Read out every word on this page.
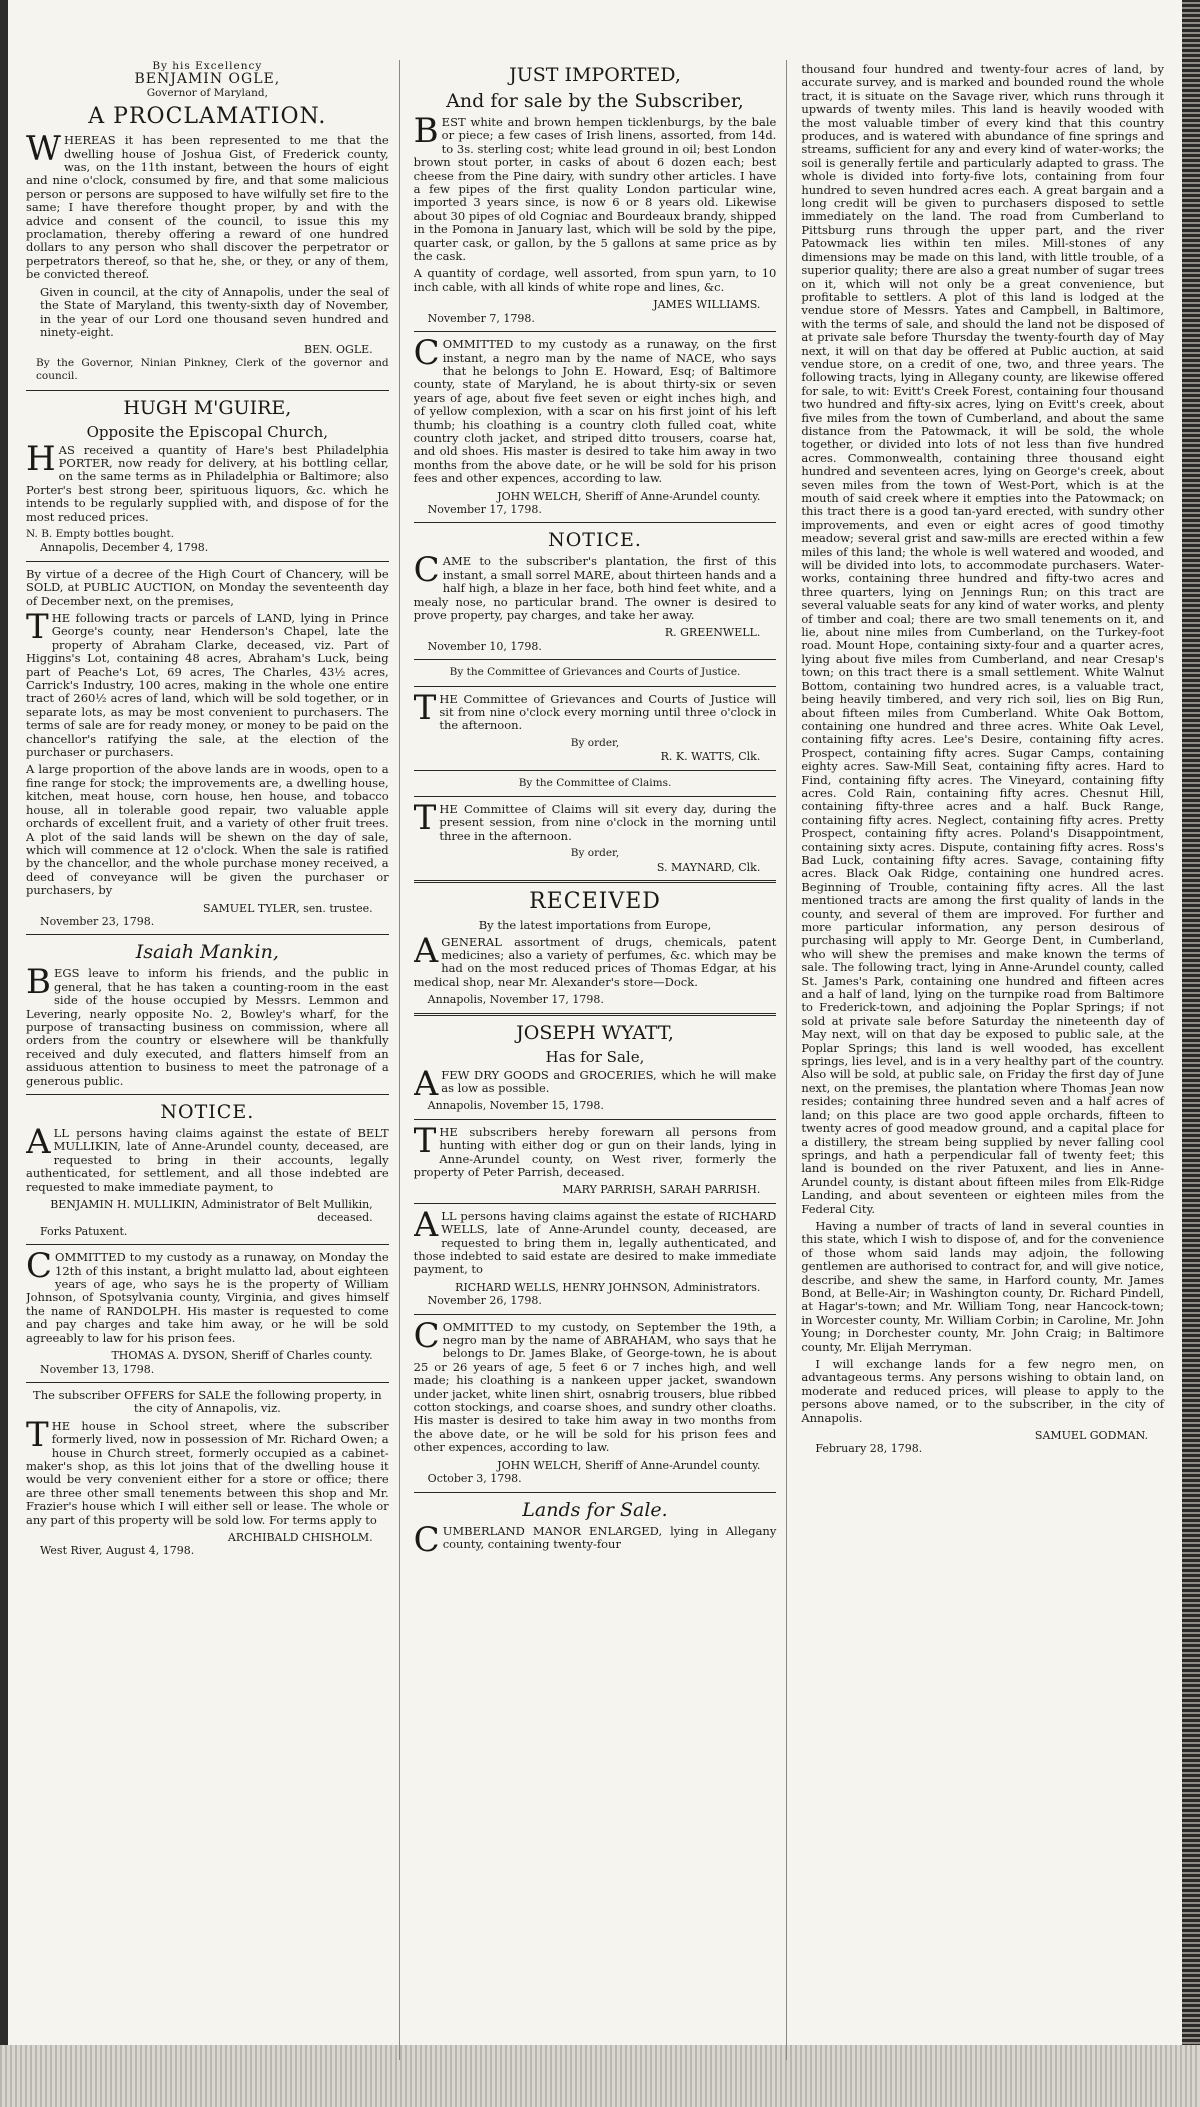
By his Excellency
BENJAMIN OGLE,
Governor of Maryland,
A PROCLAMATION.
WHEREAS it has been represented to me that the dwelling house of Joshua Gist, of Frederick county, was, on the 11th instant, between the hours of eight and nine o'clock, consumed by fire, and that some malicious person or persons are supposed to have wilfully set fire to the same; I have therefore thought proper, by and with the advice and consent of the council, to issue this my proclamation, thereby offering a reward of one hundred dollars to any person who shall discover the perpetrator or perpetrators thereof, so that he, she, or they, or any of them, be convicted thereof.
Given in council, at the city of Annapolis, under the seal of the State of Maryland, this twenty-sixth day of November, in the year of our Lord one thousand seven hundred and ninety-eight.
BEN. OGLE.
By the Governor, Ninian Pinkney, Clerk of the governor and council.
HUGH M'GUIRE,
Opposite the Episcopal Church,
HAS received a quantity of Hare's best Philadelphia PORTER, now ready for delivery, at his bottling cellar, on the same terms as in Philadelphia or Baltimore; also Porter's best strong beer, spirituous liquors, &c. which he intends to be regularly supplied with, and dispose of for the most reduced prices.
N. B. Empty bottles bought.
Annapolis, December 4, 1798.
By virtue of a decree of the High Court of Chancery, will be SOLD, at PUBLIC AUCTION, on Monday the seventeenth day of December next, on the premises,
THE following tracts or parcels of LAND, lying in Prince George's county, near Henderson's Chapel, late the property of Abraham Clarke, deceased, viz. Part of Higgins's Lot, containing 48 acres, Abraham's Luck, being part of Peache's Lot, 69 acres, The Charles, 43½ acres, Carrick's Industry, 100 acres, making in the whole one entire tract of 260½ acres of land, which will be sold together, or in separate lots, as may be most convenient to purchasers. The terms of sale are for ready money, or money to be paid on the chancellor's ratifying the sale, at the election of the purchaser or purchasers.
A large proportion of the above lands are in woods, open to a fine range for stock; the improvements are, a dwelling house, kitchen, meat house, corn house, hen house, and tobacco house, all in tolerable good repair, two valuable apple orchards of excellent fruit, and a variety of other fruit trees. A plot of the said lands will be shewn on the day of sale, which will commence at 12 o'clock. When the sale is ratified by the chancellor, and the whole purchase money received, a deed of conveyance will be given the purchaser or purchasers, by
SAMUEL TYLER, sen. trustee.
November 23, 1798.
Isaiah Mankin,
BEGS leave to inform his friends, and the public in general, that he has taken a counting-room in the east side of the house occupied by Messrs. Lemmon and Levering, nearly opposite No. 2, Bowley's wharf, for the purpose of transacting business on commission, where all orders from the country or elsewhere will be thankfully received and duly executed, and flatters himself from an assiduous attention to business to meet the patronage of a generous public.
NOTICE.
ALL persons having claims against the estate of BELT MULLIKIN, late of Anne-Arundel county, deceased, are requested to bring in their accounts, legally authenticated, for settlement, and all those indebted are requested to make immediate payment, to
BENJAMIN H. MULLIKIN, Administrator of Belt Mullikin, deceased.
Forks Patuxent.
COMMITTED to my custody as a runaway, on Monday the 12th of this instant, a bright mulatto lad, about eighteen years of age, who says he is the property of William Johnson, of Spotsylvania county, Virginia, and gives himself the name of RANDOLPH. His master is requested to come and pay charges and take him away, or he will be sold agreeably to law for his prison fees.
THOMAS A. DYSON, Sheriff of Charles county.
November 13, 1798.
The subscriber OFFERS for SALE the following property, in the city of Annapolis, viz.
THE house in School street, where the subscriber formerly lived, now in possession of Mr. Richard Owen; a house in Church street, formerly occupied as a cabinet-maker's shop, as this lot joins that of the dwelling house it would be very convenient either for a store or office; there are three other small tenements between this shop and Mr. Frazier's house which I will either sell or lease. The whole or any part of this property will be sold low. For terms apply to
ARCHIBALD CHISHOLM.
West River, August 4, 1798.
JUST IMPORTED,
And for sale by the Subscriber,
BEST white and brown hempen ticklenburgs, by the bale or piece; a few cases of Irish linens, assorted, from 14d. to 3s. sterling cost; white lead ground in oil; best London brown stout porter, in casks of about 6 dozen each; best cheese from the Pine dairy, with sundry other articles. I have a few pipes of the first quality London particular wine, imported 3 years since, is now 6 or 8 years old. Likewise about 30 pipes of old Cogniac and Bourdeaux brandy, shipped in the Pomona in January last, which will be sold by the pipe, quarter cask, or gallon, by the 5 gallons at same price as by the cask.
A quantity of cordage, well assorted, from spun yarn, to 10 inch cable, with all kinds of white rope and lines, &c.
JAMES WILLIAMS.
November 7, 1798.
COMMITTED to my custody as a runaway, on the first instant, a negro man by the name of NACE, who says that he belongs to John E. Howard, Esq; of Baltimore county, state of Maryland, he is about thirty-six or seven years of age, about five feet seven or eight inches high, and of yellow complexion, with a scar on his first joint of his left thumb; his cloathing is a country cloth fulled coat, white country cloth jacket, and striped ditto trousers, coarse hat, and old shoes. His master is desired to take him away in two months from the above date, or he will be sold for his prison fees and other expences, according to law.
JOHN WELCH, Sheriff of Anne-Arundel county.
November 17, 1798.
NOTICE.
CAME to the subscriber's plantation, the first of this instant, a small sorrel MARE, about thirteen hands and a half high, a blaze in her face, both hind feet white, and a mealy nose, no particular brand. The owner is desired to prove property, pay charges, and take her away.
R. GREENWELL.
November 10, 1798.
By the Committee of Grievances and Courts of Justice.
THE Committee of Grievances and Courts of Justice will sit from nine o'clock every morning until three o'clock in the afternoon.
By order,
R. K. WATTS, Clk.
By the Committee of Claims.
THE Committee of Claims will sit every day, during the present session, from nine o'clock in the morning until three in the afternoon.
By order,
S. MAYNARD, Clk.
RECEIVED
By the latest importations from Europe,
AGENERAL assortment of drugs, chemicals, patent medicines; also a variety of perfumes, &c. which may be had on the most reduced prices of Thomas Edgar, at his medical shop, near Mr. Alexander's store—Dock.
Annapolis, November 17, 1798.
JOSEPH WYATT,
Has for Sale,
AFEW DRY GOODS and GROCERIES, which he will make as low as possible.
Annapolis, November 15, 1798.
THE subscribers hereby forewarn all persons from hunting with either dog or gun on their lands, lying in Anne-Arundel county, on West river, formerly the property of Peter Parrish, deceased.
MARY PARRISH, SARAH PARRISH.
ALL persons having claims against the estate of RICHARD WELLS, late of Anne-Arundel county, deceased, are requested to bring them in, legally authenticated, and those indebted to said estate are desired to make immediate payment, to
RICHARD WELLS, HENRY JOHNSON, Administrators.
November 26, 1798.
COMMITTED to my custody, on September the 19th, a negro man by the name of ABRAHAM, who says that he belongs to Dr. James Blake, of George-town, he is about 25 or 26 years of age, 5 feet 6 or 7 inches high, and well made; his cloathing is a nankeen upper jacket, swandown under jacket, white linen shirt, osnabrig trousers, blue ribbed cotton stockings, and coarse shoes, and sundry other cloaths. His master is desired to take him away in two months from the above date, or he will be sold for his prison fees and other expences, according to law.
JOHN WELCH, Sheriff of Anne-Arundel county.
October 3, 1798.
Lands for Sale.
CUMBERLAND MANOR ENLARGED, lying in Allegany county, containing twenty-four
thousand four hundred and twenty-four acres of land, by accurate survey, and is marked and bounded round the whole tract, it is situate on the Savage river, which runs through it upwards of twenty miles. This land is heavily wooded with the most valuable timber of every kind that this country produces, and is watered with abundance of fine springs and streams, sufficient for any and every kind of water-works; the soil is generally fertile and particularly adapted to grass. The whole is divided into forty-five lots, containing from four hundred to seven hundred acres each. A great bargain and a long credit will be given to purchasers disposed to settle immediately on the land. The road from Cumberland to Pittsburg runs through the upper part, and the river Patowmack lies within ten miles. Mill-stones of any dimensions may be made on this land, with little trouble, of a superior quality; there are also a great number of sugar trees on it, which will not only be a great convenience, but profitable to settlers. A plot of this land is lodged at the vendue store of Messrs. Yates and Campbell, in Baltimore, with the terms of sale, and should the land not be disposed of at private sale before Thursday the twenty-fourth day of May next, it will on that day be offered at Public auction, at said vendue store, on a credit of one, two, and three years. The following tracts, lying in Allegany county, are likewise offered for sale, to wit: Evitt's Creek Forest, containing four thousand two hundred and fifty-six acres, lying on Evitt's creek, about five miles from the town of Cumberland, and about the same distance from the Patowmack, it will be sold, the whole together, or divided into lots of not less than five hundred acres. Commonwealth, containing three thousand eight hundred and seventeen acres, lying on George's creek, about seven miles from the town of West-Port, which is at the mouth of said creek where it empties into the Patowmack; on this tract there is a good tan-yard erected, with sundry other improvements, and even or eight acres of good timothy meadow; several grist and saw-mills are erected within a few miles of this land; the whole is well watered and wooded, and will be divided into lots, to accommodate purchasers. Water-works, containing three hundred and fifty-two acres and three quarters, lying on Jennings Run; on this tract are several valuable seats for any kind of water works, and plenty of timber and coal; there are two small tenements on it, and lie, about nine miles from Cumberland, on the Turkey-foot road. Mount Hope, containing sixty-four and a quarter acres, lying about five miles from Cumberland, and near Cresap's town; on this tract there is a small settlement. White Walnut Bottom, containing two hundred acres, is a valuable tract, being heavily timbered, and very rich soil, lies on Big Run, about fifteen miles from Cumberland. White Oak Bottom, containing one hundred and three acres. White Oak Level, containing fifty acres. Lee's Desire, containing fifty acres. Prospect, containing fifty acres. Sugar Camps, containing eighty acres. Saw-Mill Seat, containing fifty acres. Hard to Find, containing fifty acres. The Vineyard, containing fifty acres. Cold Rain, containing fifty acres. Chesnut Hill, containing fifty-three acres and a half. Buck Range, containing fifty acres. Neglect, containing fifty acres. Pretty Prospect, containing fifty acres. Poland's Disappointment, containing sixty acres. Dispute, containing fifty acres. Ross's Bad Luck, containing fifty acres. Savage, containing fifty acres. Black Oak Ridge, containing one hundred acres. Beginning of Trouble, containing fifty acres. All the last mentioned tracts are among the first quality of lands in the county, and several of them are improved. For further and more particular information, any person desirous of purchasing will apply to Mr. George Dent, in Cumberland, who will shew the premises and make known the terms of sale. The following tract, lying in Anne-Arundel county, called St. James's Park, containing one hundred and fifteen acres and a half of land, lying on the turnpike road from Baltimore to Frederick-town, and adjoining the Poplar Springs; if not sold at private sale before Saturday the nineteenth day of May next, will on that day be exposed to public sale, at the Poplar Springs; this land is well wooded, has excellent springs, lies level, and is in a very healthy part of the country. Also will be sold, at public sale, on Friday the first day of June next, on the premises, the plantation where Thomas Jean now resides; containing three hundred seven and a half acres of land; on this place are two good apple orchards, fifteen to twenty acres of good meadow ground, and a capital place for a distillery, the stream being supplied by never falling cool springs, and hath a perpendicular fall of twenty feet; this land is bounded on the river Patuxent, and lies in Anne-Arundel county, is distant about fifteen miles from Elk-Ridge Landing, and about seventeen or eighteen miles from the Federal City.
Having a number of tracts of land in several counties in this state, which I wish to dispose of, and for the convenience of those whom said lands may adjoin, the following gentlemen are authorised to contract for, and will give notice, describe, and shew the same, in Harford county, Mr. James Bond, at Belle-Air; in Washington county, Dr. Richard Pindell, at Hagar's-town; and Mr. William Tong, near Hancock-town; in Worcester county, Mr. William Corbin; in Caroline, Mr. John Young; in Dorchester county, Mr. John Craig; in Baltimore county, Mr. Elijah Merryman.
I will exchange lands for a few negro men, on advantageous terms. Any persons wishing to obtain land, on moderate and reduced prices, will please to apply to the persons above named, or to the subscriber, in the city of Annapolis.
SAMUEL GODMAN.
February 28, 1798.
